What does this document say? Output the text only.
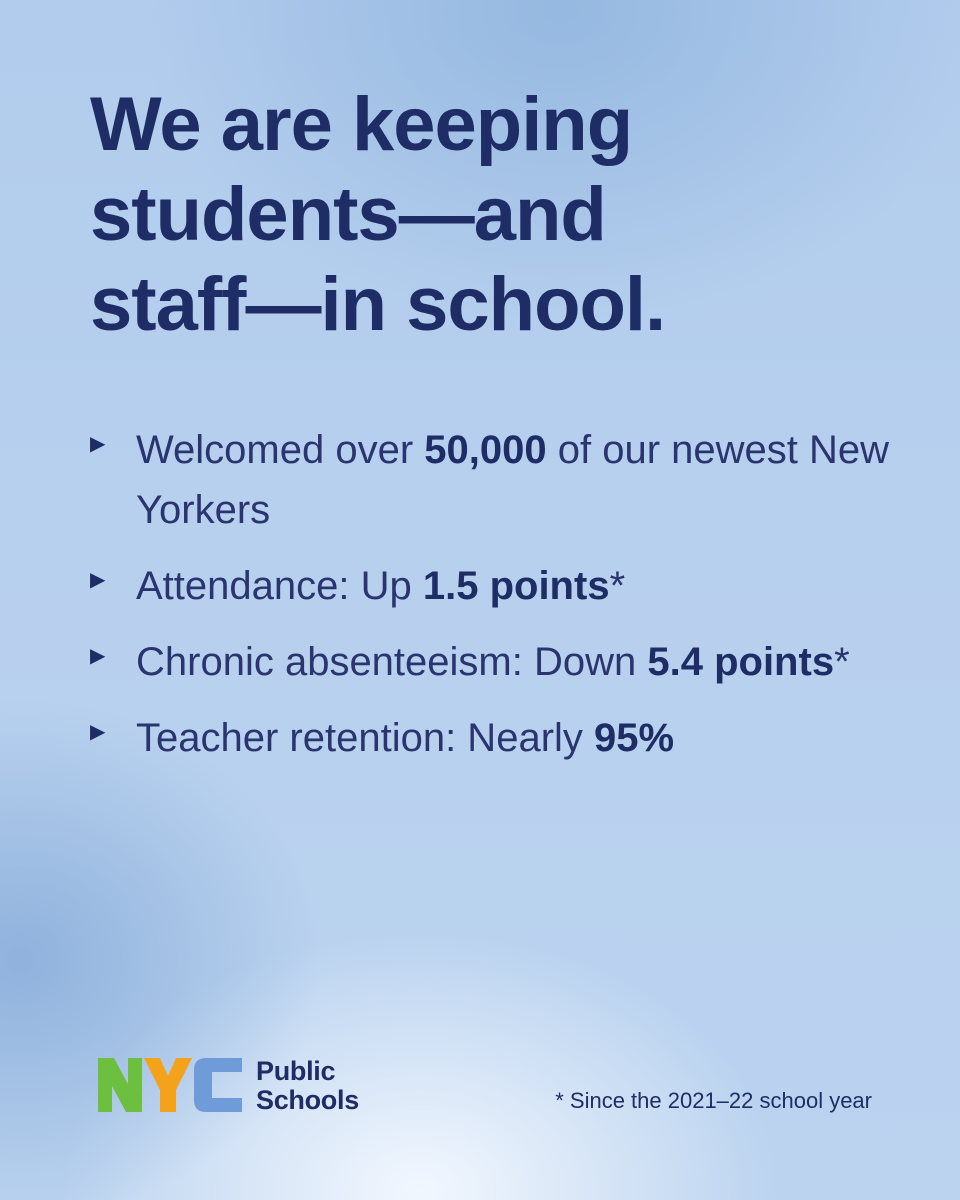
We are keeping
students—and
staff—in school.
▶ Welcomed over 50,000 of our newest New Yorkers
▶ Attendance: Up 1.5 points*
▶ Chronic absenteeism: Down 5.4 points*
▶ Teacher retention: Nearly 95%
Public
Schools	* Since the 2021–22 school year
